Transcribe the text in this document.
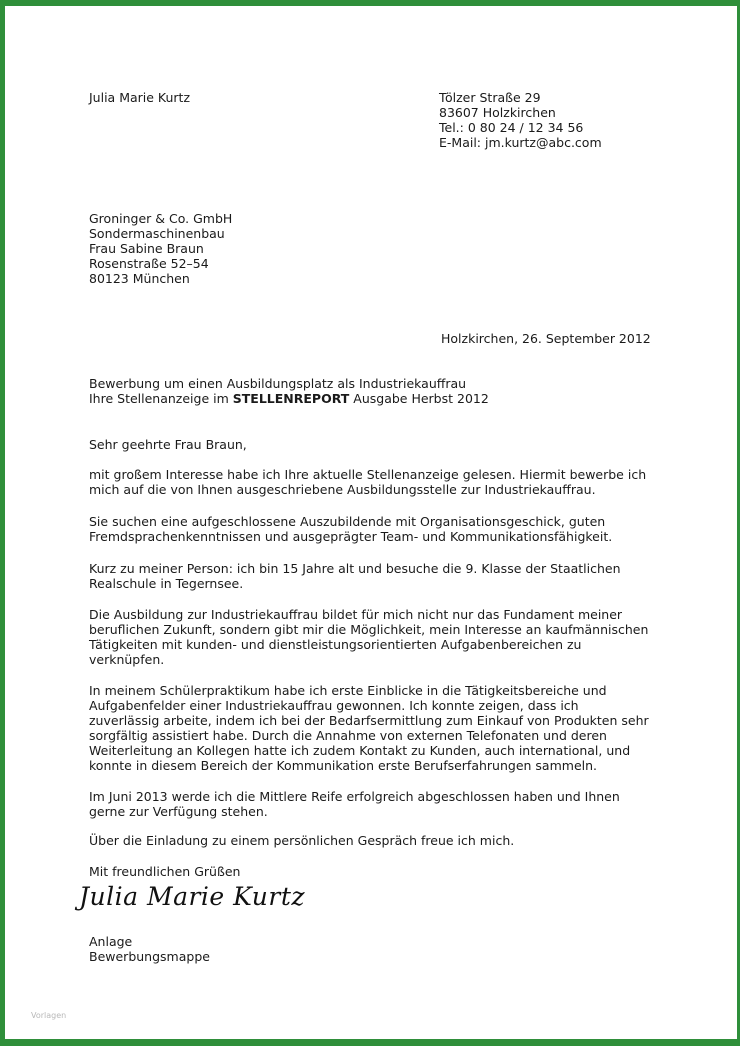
Julia Marie Kurtz	Tölzer Straße 29
83607 Holzkirchen
Tel.: 0 80 24 / 12 34 56
E-Mail: jm.kurtz@abc.com
Groninger & Co. GmbH
Sondermaschinenbau
Frau Sabine Braun
Rosenstraße 52–54
80123 München
Holzkirchen, 26. September 2012
Bewerbung um einen Ausbildungsplatz als Industriekauffrau
Ihre Stellenanzeige im STELLENREPORT Ausgabe Herbst 2012
Sehr geehrte Frau Braun,
mit großem Interesse habe ich Ihre aktuelle Stellenanzeige gelesen. Hiermit bewerbe ich
mich auf die von Ihnen ausgeschriebene Ausbildungsstelle zur Industriekauffrau.
Sie suchen eine aufgeschlossene Auszubildende mit Organisationsgeschick, guten
Fremdsprachenkenntnissen und ausgeprägter Team- und Kommunikationsfähigkeit.
Kurz zu meiner Person: ich bin 15 Jahre alt und besuche die 9. Klasse der Staatlichen
Realschule in Tegernsee.
Die Ausbildung zur Industriekauffrau bildet für mich nicht nur das Fundament meiner
beruflichen Zukunft, sondern gibt mir die Möglichkeit, mein Interesse an kaufmännischen
Tätigkeiten mit kunden- und dienstleistungsorientierten Aufgabenbereichen zu
verknüpfen.
In meinem Schülerpraktikum habe ich erste Einblicke in die Tätigkeitsbereiche und
Aufgabenfelder einer Industriekauffrau gewonnen. Ich konnte zeigen, dass ich
zuverlässig arbeite, indem ich bei der Bedarfsermittlung zum Einkauf von Produkten sehr
sorgfältig assistiert habe. Durch die Annahme von externen Telefonaten und deren
Weiterleitung an Kollegen hatte ich zudem Kontakt zu Kunden, auch international, und
konnte in diesem Bereich der Kommunikation erste Berufserfahrungen sammeln.
Im Juni 2013 werde ich die Mittlere Reife erfolgreich abgeschlossen haben und Ihnen
gerne zur Verfügung stehen.
Über die Einladung zu einem persönlichen Gespräch freue ich mich.
Mit freundlichen Grüßen
Julia Marie Kurtz
Anlage
Bewerbungsmappe
Vorlagen
